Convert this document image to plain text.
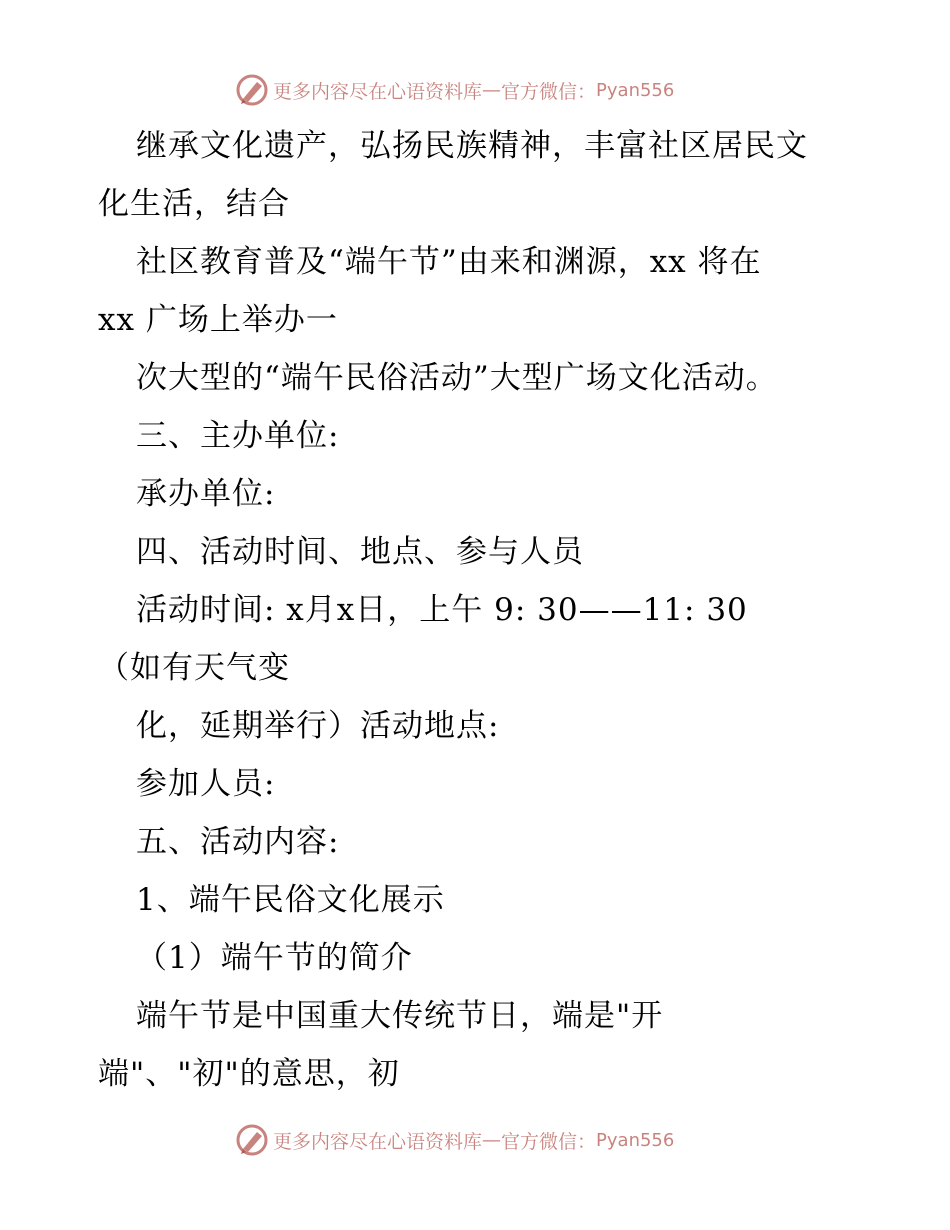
更多内容尽在心语资料库 — 官方微信： Pyan556

继承文化遗产，弘扬民族精神，丰富社区居民文

化生活，结合

社区教育普及“端午节”由来和渊源，xx 将在

xx 广场上举办一

次大型的“端午民俗活动”大型广场文化活动。

三、主办单位:

承办单位:

四、活动时间、地点、参与人员

活动时间: x月x日，上午 9: 30——11: 30

（如有天气变

化，延期举行）活动地点:

参加人员:

五、活动内容:

1、端午民俗文化展示

（1）端午节的简介

端午节是中国重大传统节日，端是"开

端"、"初"的意思，初

更多内容尽在心语资料库 — 官方微信： Pyan556
